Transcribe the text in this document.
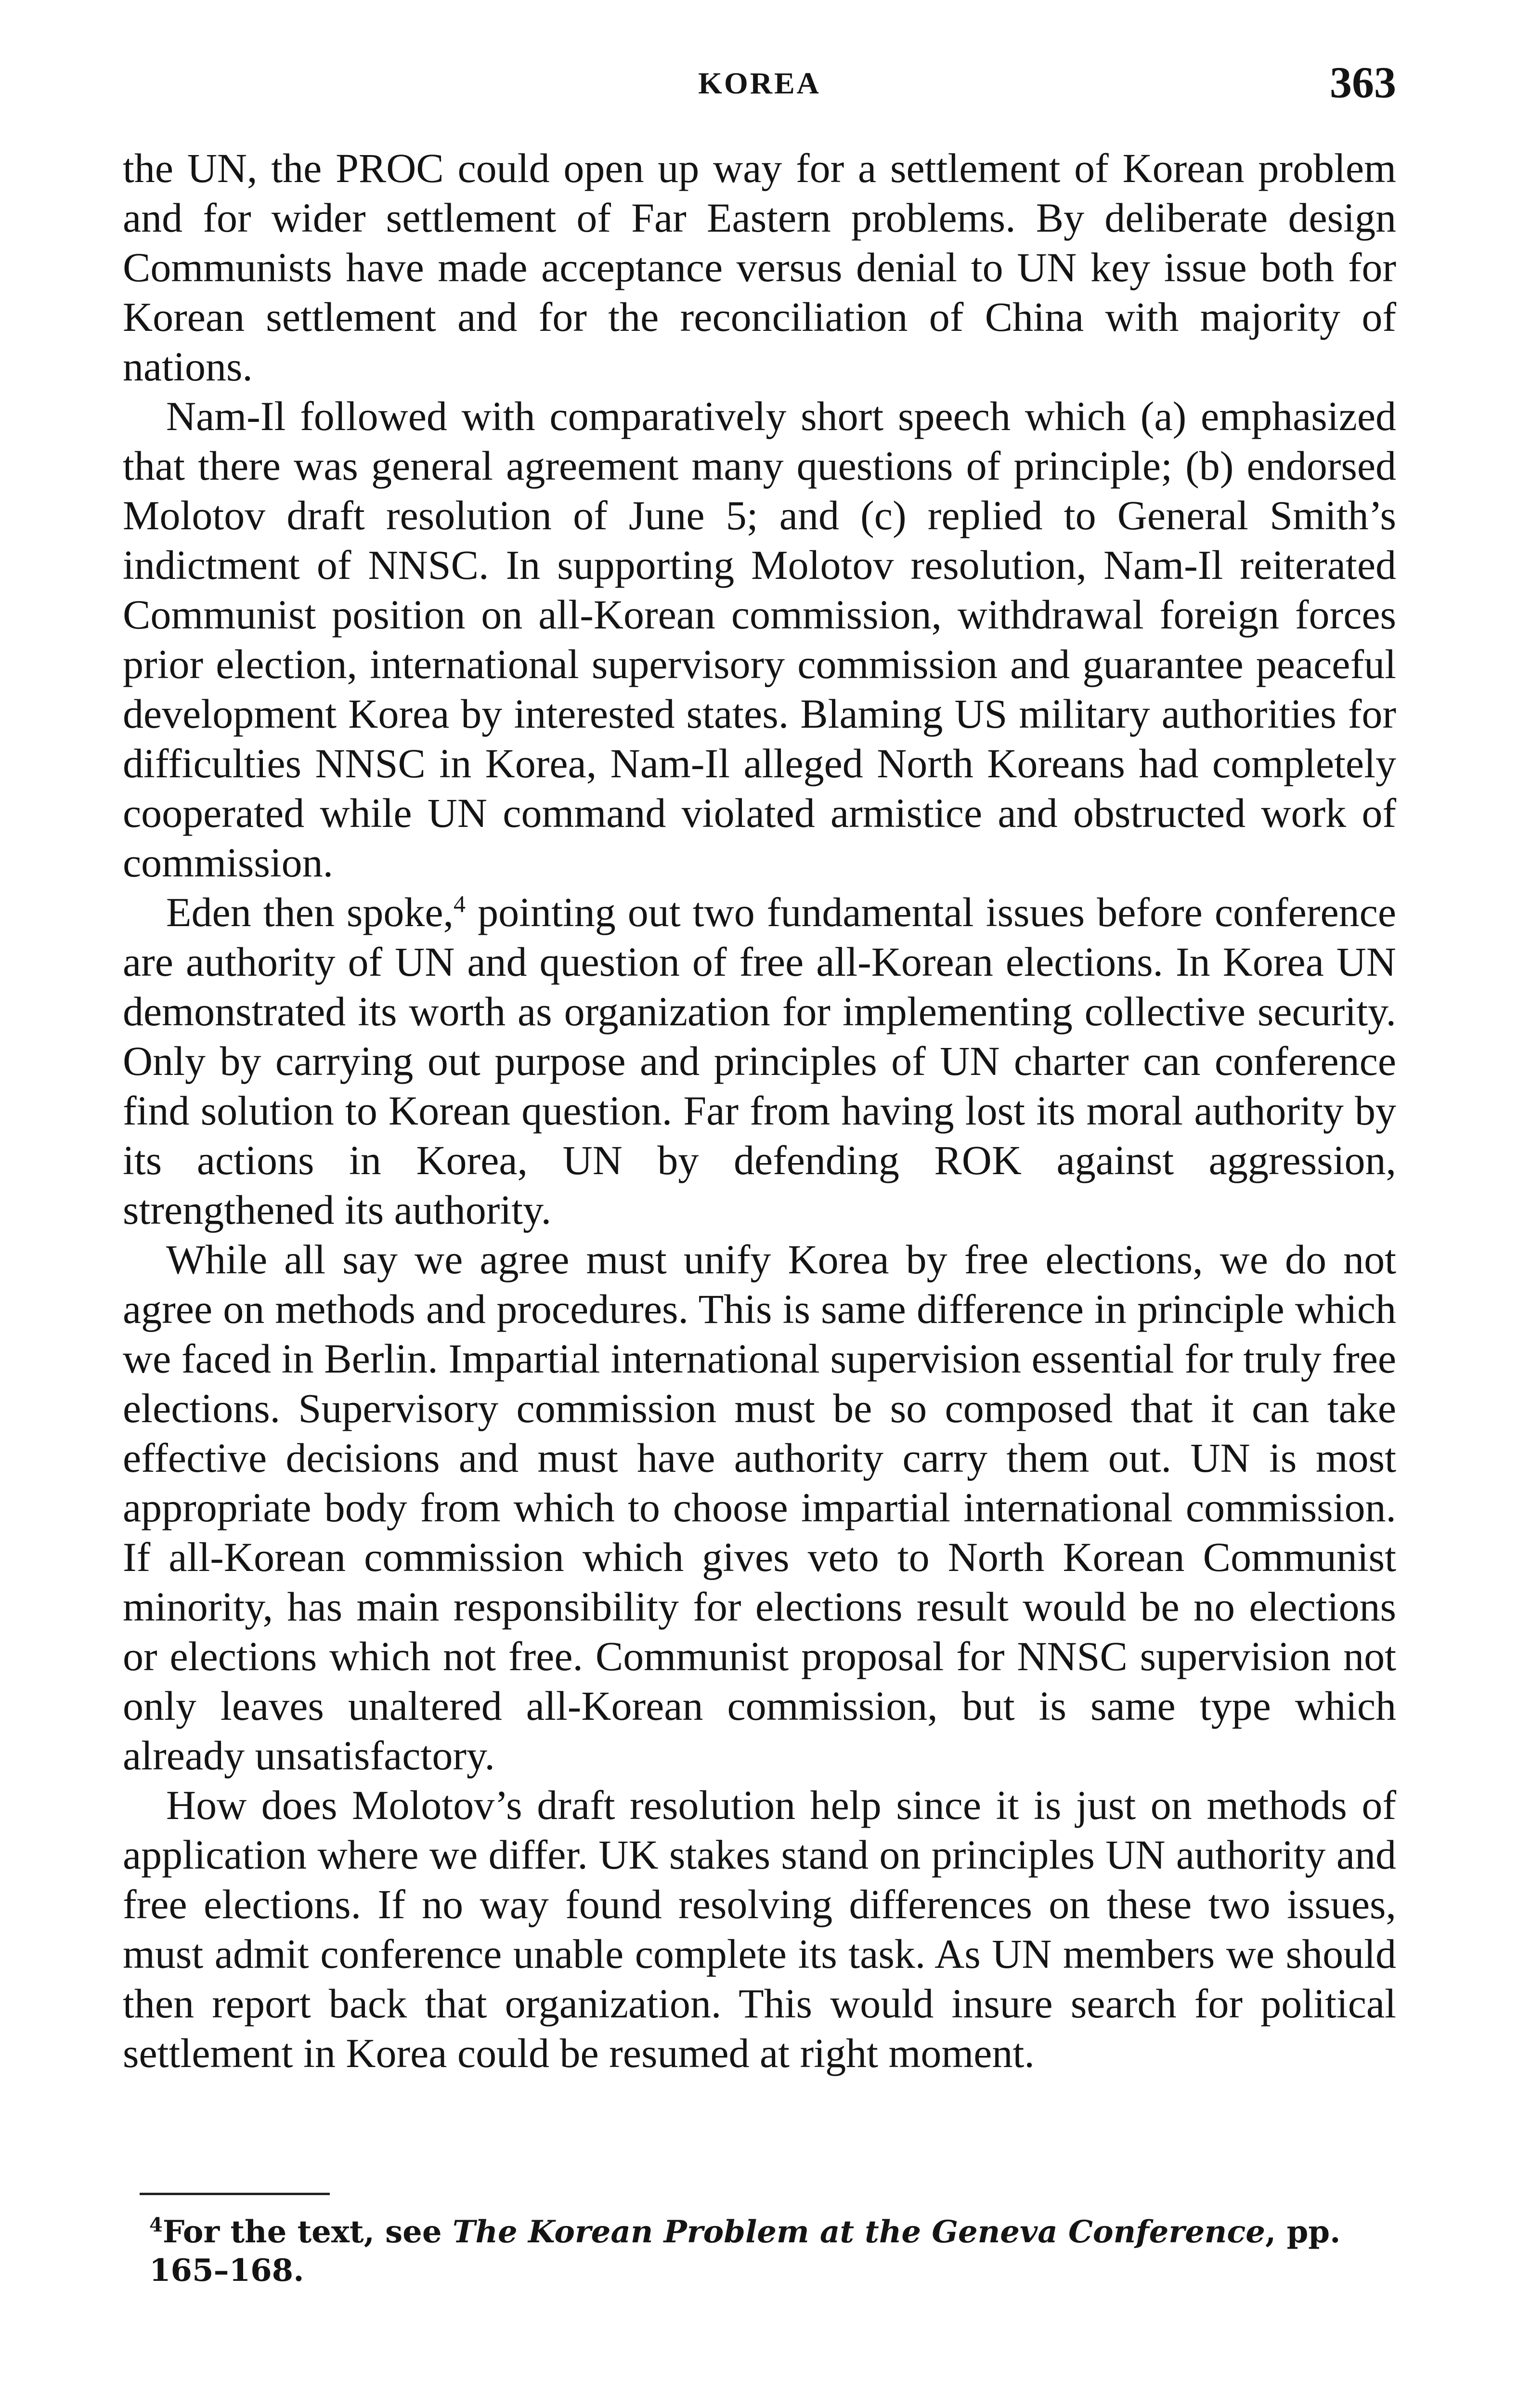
KOREA	363

the UN, the PROC could open up way for a settlement of Korean problem and for wider settlement of Far Eastern problems. By deliberate design Communists have made acceptance versus denial to UN key issue both for Korean settlement and for the reconciliation of China with majority of nations.

Nam-Il followed with comparatively short speech which (a) emphasized that there was general agreement many questions of principle; (b) endorsed Molotov draft resolution of June 5; and (c) replied to General Smith’s indictment of NNSC. In supporting Molotov resolution, Nam-Il reiterated Communist position on all-Korean commission, withdrawal foreign forces prior election, international supervisory commission and guarantee peaceful development Korea by interested states. Blaming US military authorities for difficulties NNSC in Korea, Nam-Il alleged North Koreans had completely cooperated while UN command violated armistice and obstructed work of commission.

Eden then spoke,$^4$ pointing out two fundamental issues before conference are authority of UN and question of free all-Korean elections. In Korea UN demonstrated its worth as organization for implementing collective security. Only by carrying out purpose and principles of UN charter can conference find solution to Korean question. Far from having lost its moral authority by its actions in Korea, UN by defending ROK against aggression, strengthened its authority.

While all say we agree must unify Korea by free elections, we do not agree on methods and procedures. This is same difference in principle which we faced in Berlin. Impartial international supervision essential for truly free elections. Supervisory commission must be so composed that it can take effective decisions and must have authority carry them out. UN is most appropriate body from which to choose impartial international commission. If all-Korean commission which gives veto to North Korean Communist minority, has main responsibility for elections result would be no elections or elections which not free. Communist proposal for NNSC supervision not only leaves unaltered all-Korean commission, but is same type which already unsatisfactory.

How does Molotov’s draft resolution help since it is just on methods of application where we differ. UK stakes stand on principles UN authority and free elections. If no way found resolving differences on these two issues, must admit conference unable complete its task. As UN members we should then report back that organization. This would insure search for political settlement in Korea could be resumed at right moment.

$^4$For the text, see The Korean Problem at the Geneva Conference, pp. 165–168.
